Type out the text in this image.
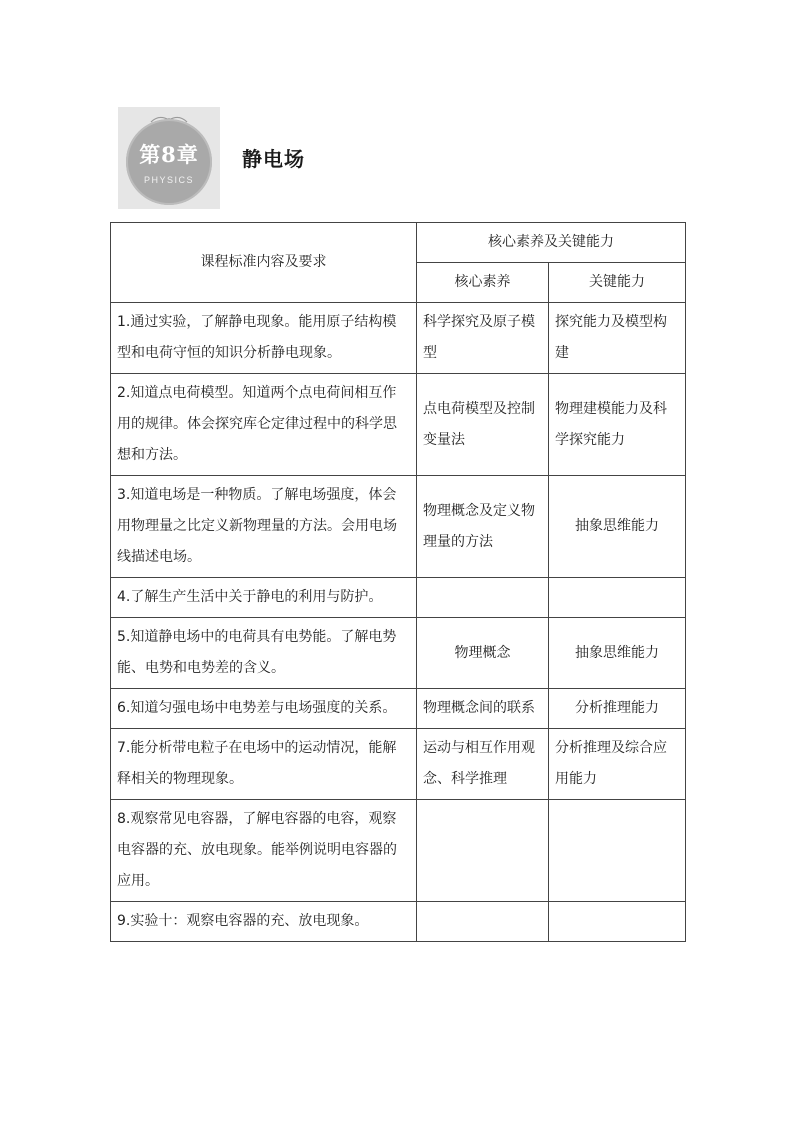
第8章
PHYSICS
静电场
课程标准内容及要求	核心素养及关键能力	
	核心素养	关键能力
1.通过实验，了解静电现象。能用原子结构模型和电荷守恒的知识分析静电现象。	科学探究及原子模型	探究能力及模型构建
2.知道点电荷模型。知道两个点电荷间相互作用的规律。体会探究库仑定律过程中的科学思想和方法。	点电荷模型及控制变量法	物理建模能力及科学探究能力
3.知道电场是一种物质。了解电场强度，体会用物理量之比定义新物理量的方法。会用电场线描述电场。	物理概念及定义物理量的方法	抽象思维能力
4.了解生产生活中关于静电的利用与防护。		
5.知道静电场中的电荷具有电势能。了解电势能、电势和电势差的含义。	物理概念	抽象思维能力
6.知道匀强电场中电势差与电场强度的关系。	物理概念间的联系	分析推理能力
7.能分析带电粒子在电场中的运动情况，能解释相关的物理现象。	运动与相互作用观念、科学推理	分析推理及综合应用能力
8.观察常见电容器，了解电容器的电容，观察电容器的充、放电现象。能举例说明电容器的应用。		
9.实验十：观察电容器的充、放电现象。		
